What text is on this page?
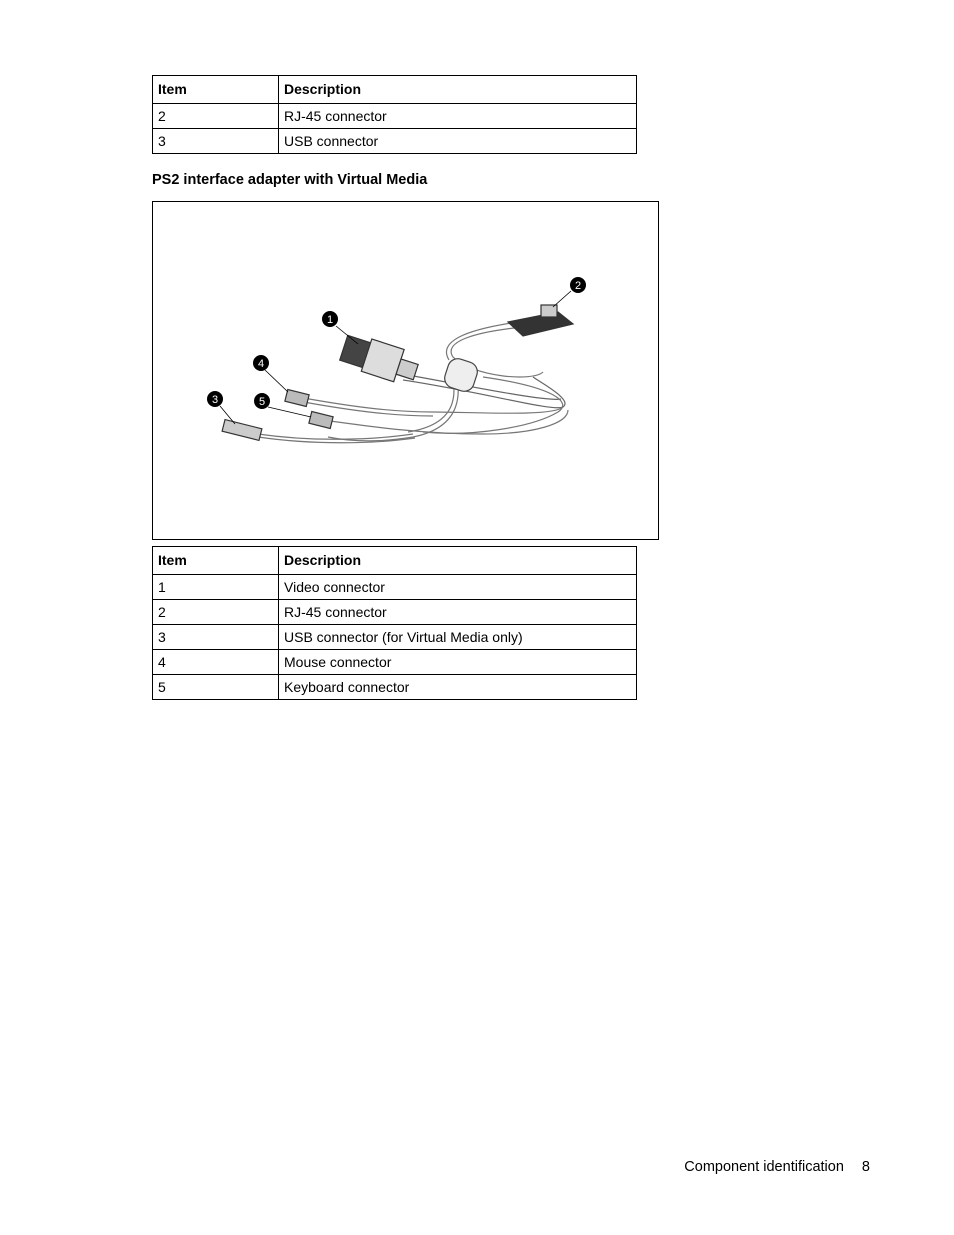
Item	Description
2	RJ-45 connector
3	USB connector
PS2 interface adapter with Virtual Media
1
2
3
4
5
Item	Description
1	Video connector
2	RJ-45 connector
3	USB connector (for Virtual Media only)
4	Mouse connector
5	Keyboard connector
Component identification 8
